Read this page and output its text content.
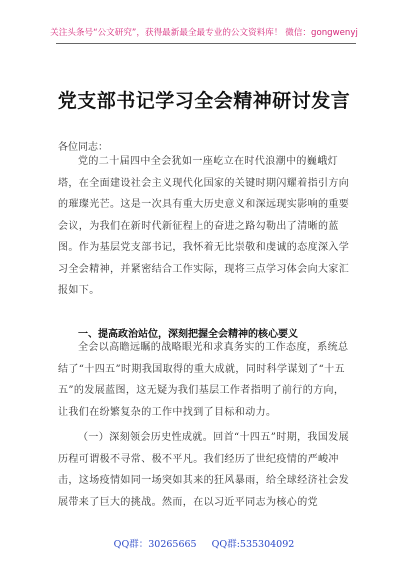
关注头条号“公文研究”，获得最新最全最专业的公文资料库！ 微信：gongwenyj
党支部书记学习全会精神研讨发言
各位同志：

党的二十届四中全会犹如一座屹立在时代浪潮中的巍峨灯塔，在全面建设社会主义现代化国家的关键时期闪耀着指引方向的璀璨光芒。这是一次具有重大历史意义和深远现实影响的重要会议，为我们在新时代新征程上的奋进之路勾勒出了清晰的蓝图。作为基层党支部书记，我怀着无比崇敬和虔诚的态度深入学习全会精神，并紧密结合工作实际，现将三点学习体会向大家汇报如下。

一、提高政治站位，深刻把握全会精神的核心要义

全会以高瞻远瞩的战略眼光和求真务实的工作态度，系统总结了“十四五”时期我国取得的重大成就，同时科学谋划了“十五五”的发展蓝图，这无疑为我们基层工作者指明了前行的方向，让我们在纷繁复杂的工作中找到了目标和动力。

（一）深刻领会历史性成就。回首“十四五”时期，我国发展历程可谓极不寻常、极不平凡。我们经历了世纪疫情的严峻冲击，这场疫情如同一场突如其来的狂风暴雨，给全球经济社会发展带来了巨大的挑战。然而，在以习近平同志为核心的党

QQ群：30265665 QQ群:535304092
